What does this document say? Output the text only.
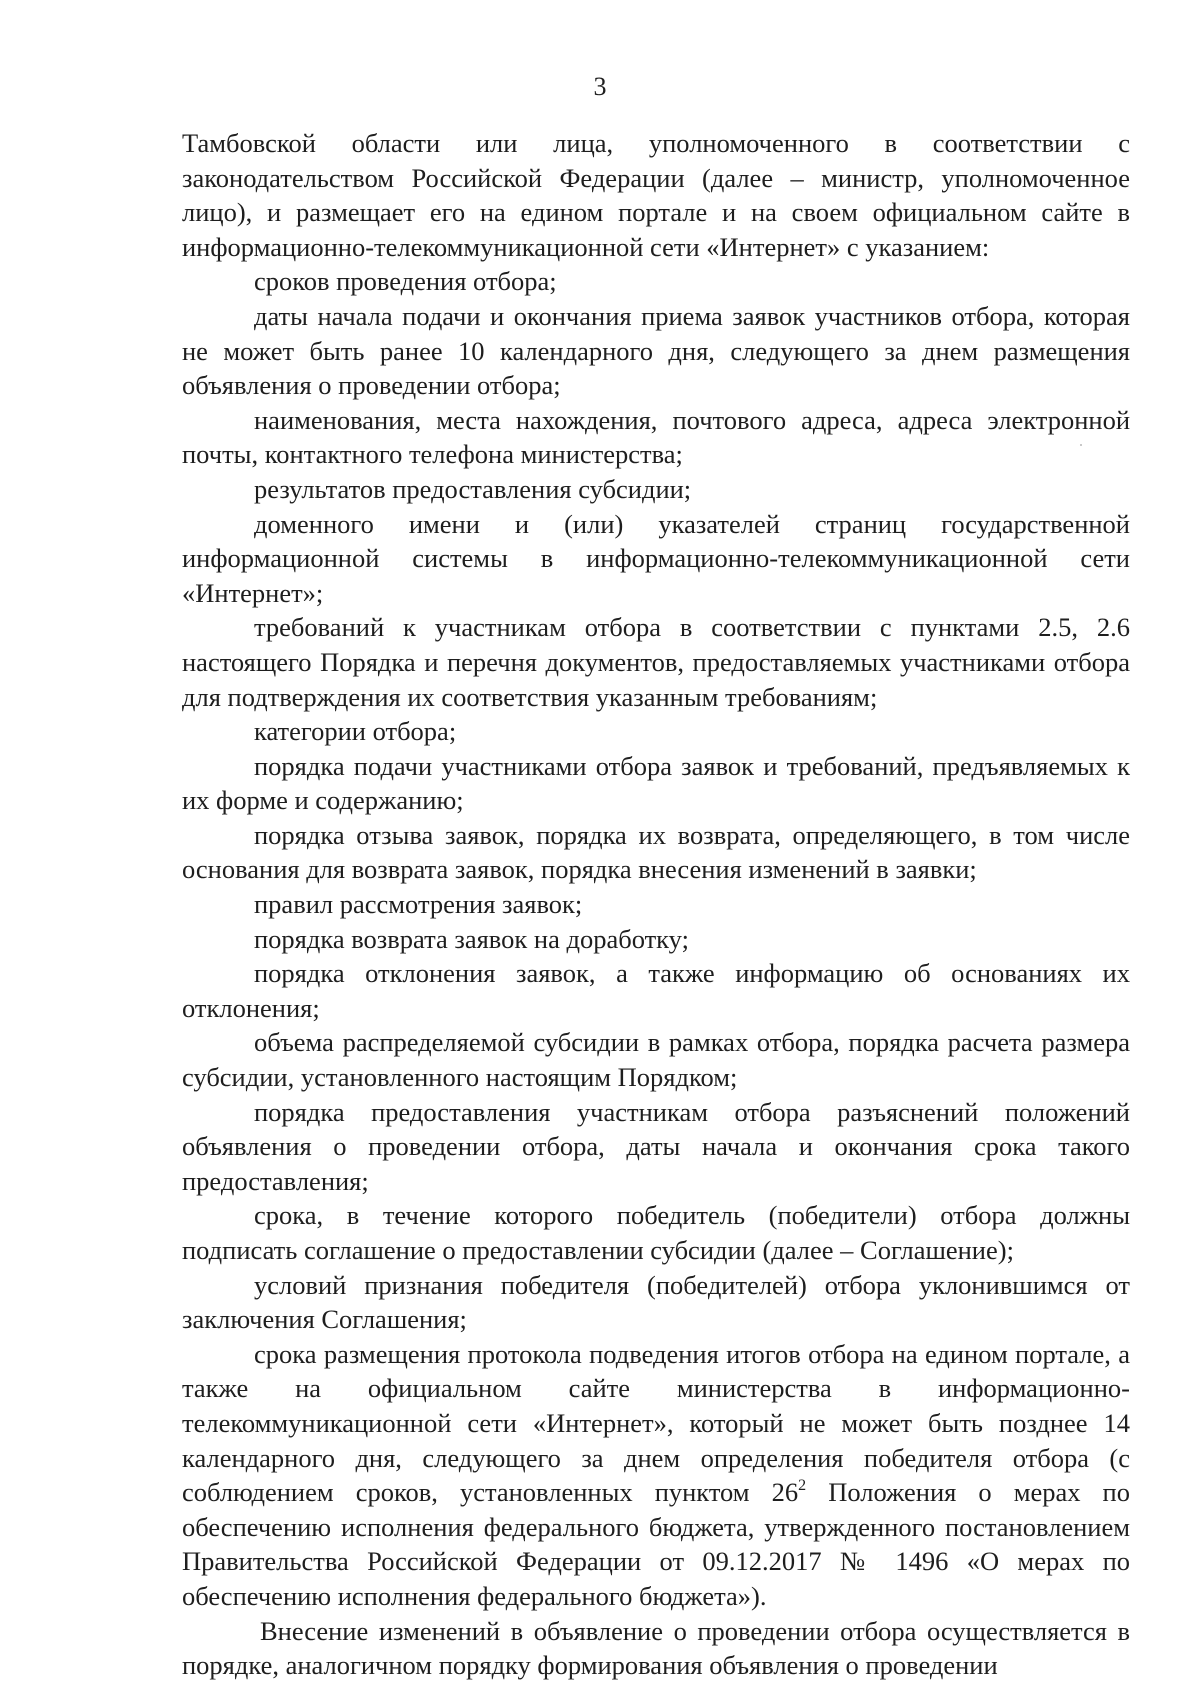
3

Тамбовской области или лица, уполномоченного в соответствии с законодательством Российской Федерации (далее – министр, уполномоченное лицо), и размещает его на едином портале и на своем официальном сайте в информационно-телекоммуникационной сети «Интернет» с указанием:

сроков проведения отбора;

даты начала подачи и окончания приема заявок участников отбора, которая не может быть ранее 10 календарного дня, следующего за днем размещения объявления о проведении отбора;

наименования, места нахождения, почтового адреса, адреса электронной почты, контактного телефона министерства;

результатов предоставления субсидии;

доменного имени и (или) указателей страниц государственной информационной системы в информационно-телекоммуникационной сети «Интернет»;

требований к участникам отбора в соответствии с пунктами 2.5, 2.6 настоящего Порядка и перечня документов, предоставляемых участниками отбора для подтверждения их соответствия указанным требованиям;

категории отбора;

порядка подачи участниками отбора заявок и требований, предъявляемых к их форме и содержанию;

порядка отзыва заявок, порядка их возврата, определяющего, в том числе основания для возврата заявок, порядка внесения изменений в заявки;

правил рассмотрения заявок;

порядка возврата заявок на доработку;

порядка отклонения заявок, а также информацию об основаниях их отклонения;

объема распределяемой субсидии в рамках отбора, порядка расчета размера субсидии, установленного настоящим Порядком;

порядка предоставления участникам отбора разъяснений положений объявления о проведении отбора, даты начала и окончания срока такого предоставления;

срока, в течение которого победитель (победители) отбора должны подписать соглашение о предоставлении субсидии (далее – Соглашение);

условий признания победителя (победителей) отбора уклонившимся от заключения Соглашения;

срока размещения протокола подведения итогов отбора на едином портале, а также на официальном сайте министерства в информационно-телекоммуникационной сети «Интернет», который не может быть позднее 14 календарного дня, следующего за днем определения победителя отбора (с соблюдением сроков, установленных пунктом $26^2$ Положения о мерах по обеспечению исполнения федерального бюджета, утвержденного постановлением Правительства Российской Федерации от 09.12.2017 № 1496 «О мерах по обеспечению исполнения федерального бюджета»).

Внесение изменений в объявление о проведении отбора осуществляется в порядке, аналогичном порядку формирования объявления о проведении
